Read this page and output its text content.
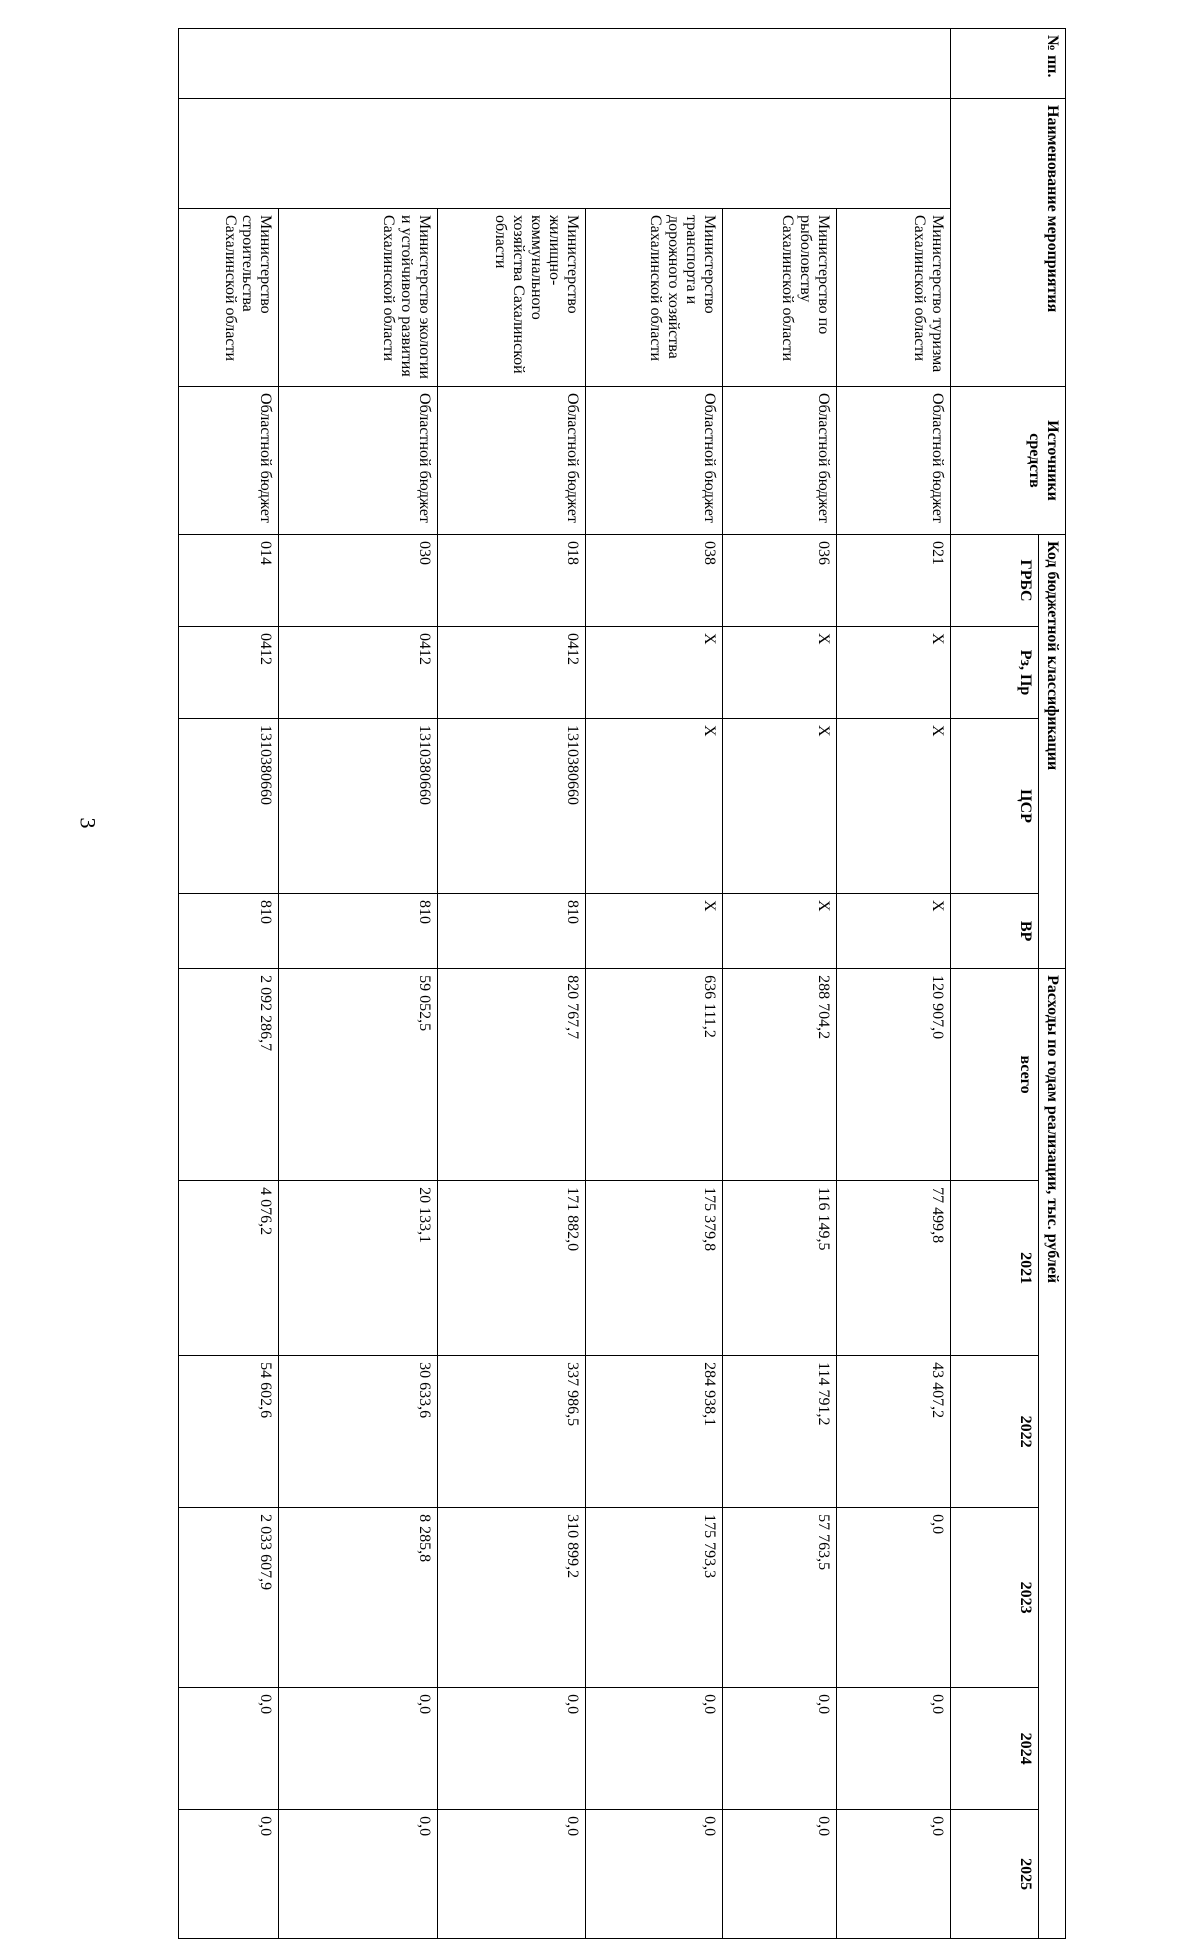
3
№ пп.	Наименование мероприятия		Источники средств	Код бюджетной классификации				Расходы по годам реализации, тыс. рублей					
				ГРБС	Рз, Пр	ЦСР	ВР	всего	2021	2022	2023	2024	2025
		Министерство туризма Сахалинской области	Областной бюджет	021	X	X	X	120 907,0	77 499,8	43 407,2	0,0	0,0	0,0
		Министерство по рыболовству Сахалинской области	Областной бюджет	036	X	X	X	288 704,2	116 149,5	114 791,2	57 763,5	0,0	0,0
		Министерство транспорта и дорожного хозяйства Сахалинской области	Областной бюджет	038	X	X	X	636 111,2	175 379,8	284 938,1	175 793,3	0,0	0,0
		Министерство жилищно-коммунального хозяйства Сахалинской области	Областной бюджет	018	0412	1310380660	810	820 767,7	171 882,0	337 986,5	310 899,2	0,0	0,0
		Министерство экологии и устойчивого развития Сахалинской области	Областной бюджет	030	0412	1310380660	810	59 052,5	20 133,1	30 633,6	8 285,8	0,0	0,0
		Министерство строительства Сахалинской области	Областной бюджет	014	0412	1310380660	810	2 092 286,7	4 076,2	54 602,6	2 033 607,9	0,0	0,0
